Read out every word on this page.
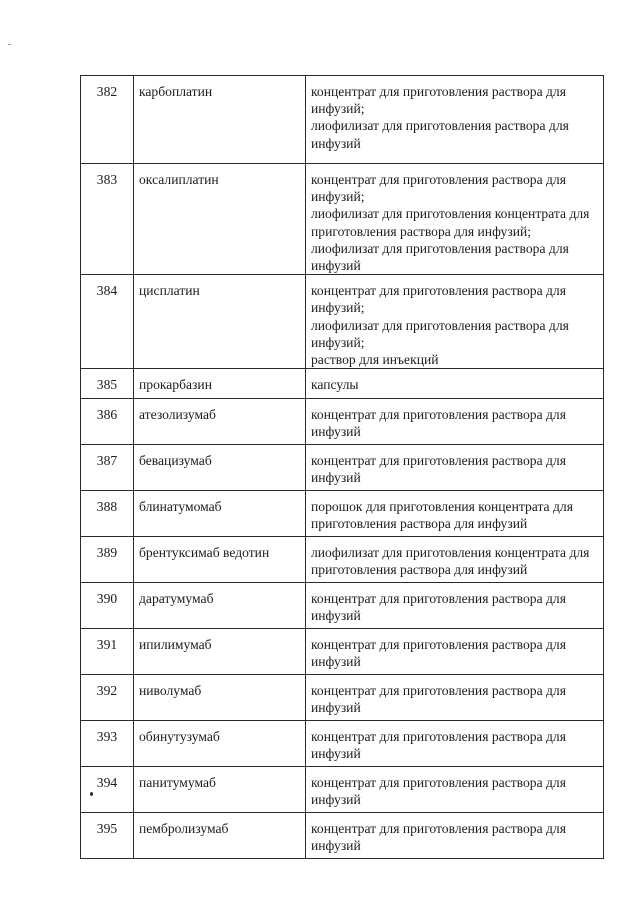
382	карбоплатин	концентрат для приготовления раствора для инфузий;
лиофилизат для приготовления раствора для инфузий

383	оксалиплатин	концентрат для приготовления раствора для инфузий;
лиофилизат для приготовления концентрата для приготовления раствора для инфузий;
лиофилизат для приготовления раствора для инфузий

384	цисплатин	концентрат для приготовления раствора для инфузий;
лиофилизат для приготовления раствора для инфузий;
раствор для инъекций

385	прокарбазин	капсулы

386	атезолизумаб	концентрат для приготовления раствора для инфузий

387	бевацизумаб	концентрат для приготовления раствора для инфузий

388	блинатумомаб	порошок для приготовления концентрата для приготовления раствора для инфузий

389	брентуксимаб ведотин	лиофилизат для приготовления концентрата для приготовления раствора для инфузий

390	даратумумаб	концентрат для приготовления раствора для инфузий

391	ипилимумаб	концентрат для приготовления раствора для инфузий

392	ниволумаб	концентрат для приготовления раствора для инфузий

393	обинутузумаб	концентрат для приготовления раствора для инфузий

394	панитумумаб	концентрат для приготовления раствора для инфузий

395	пембролизумаб	концентрат для приготовления раствора для инфузий
